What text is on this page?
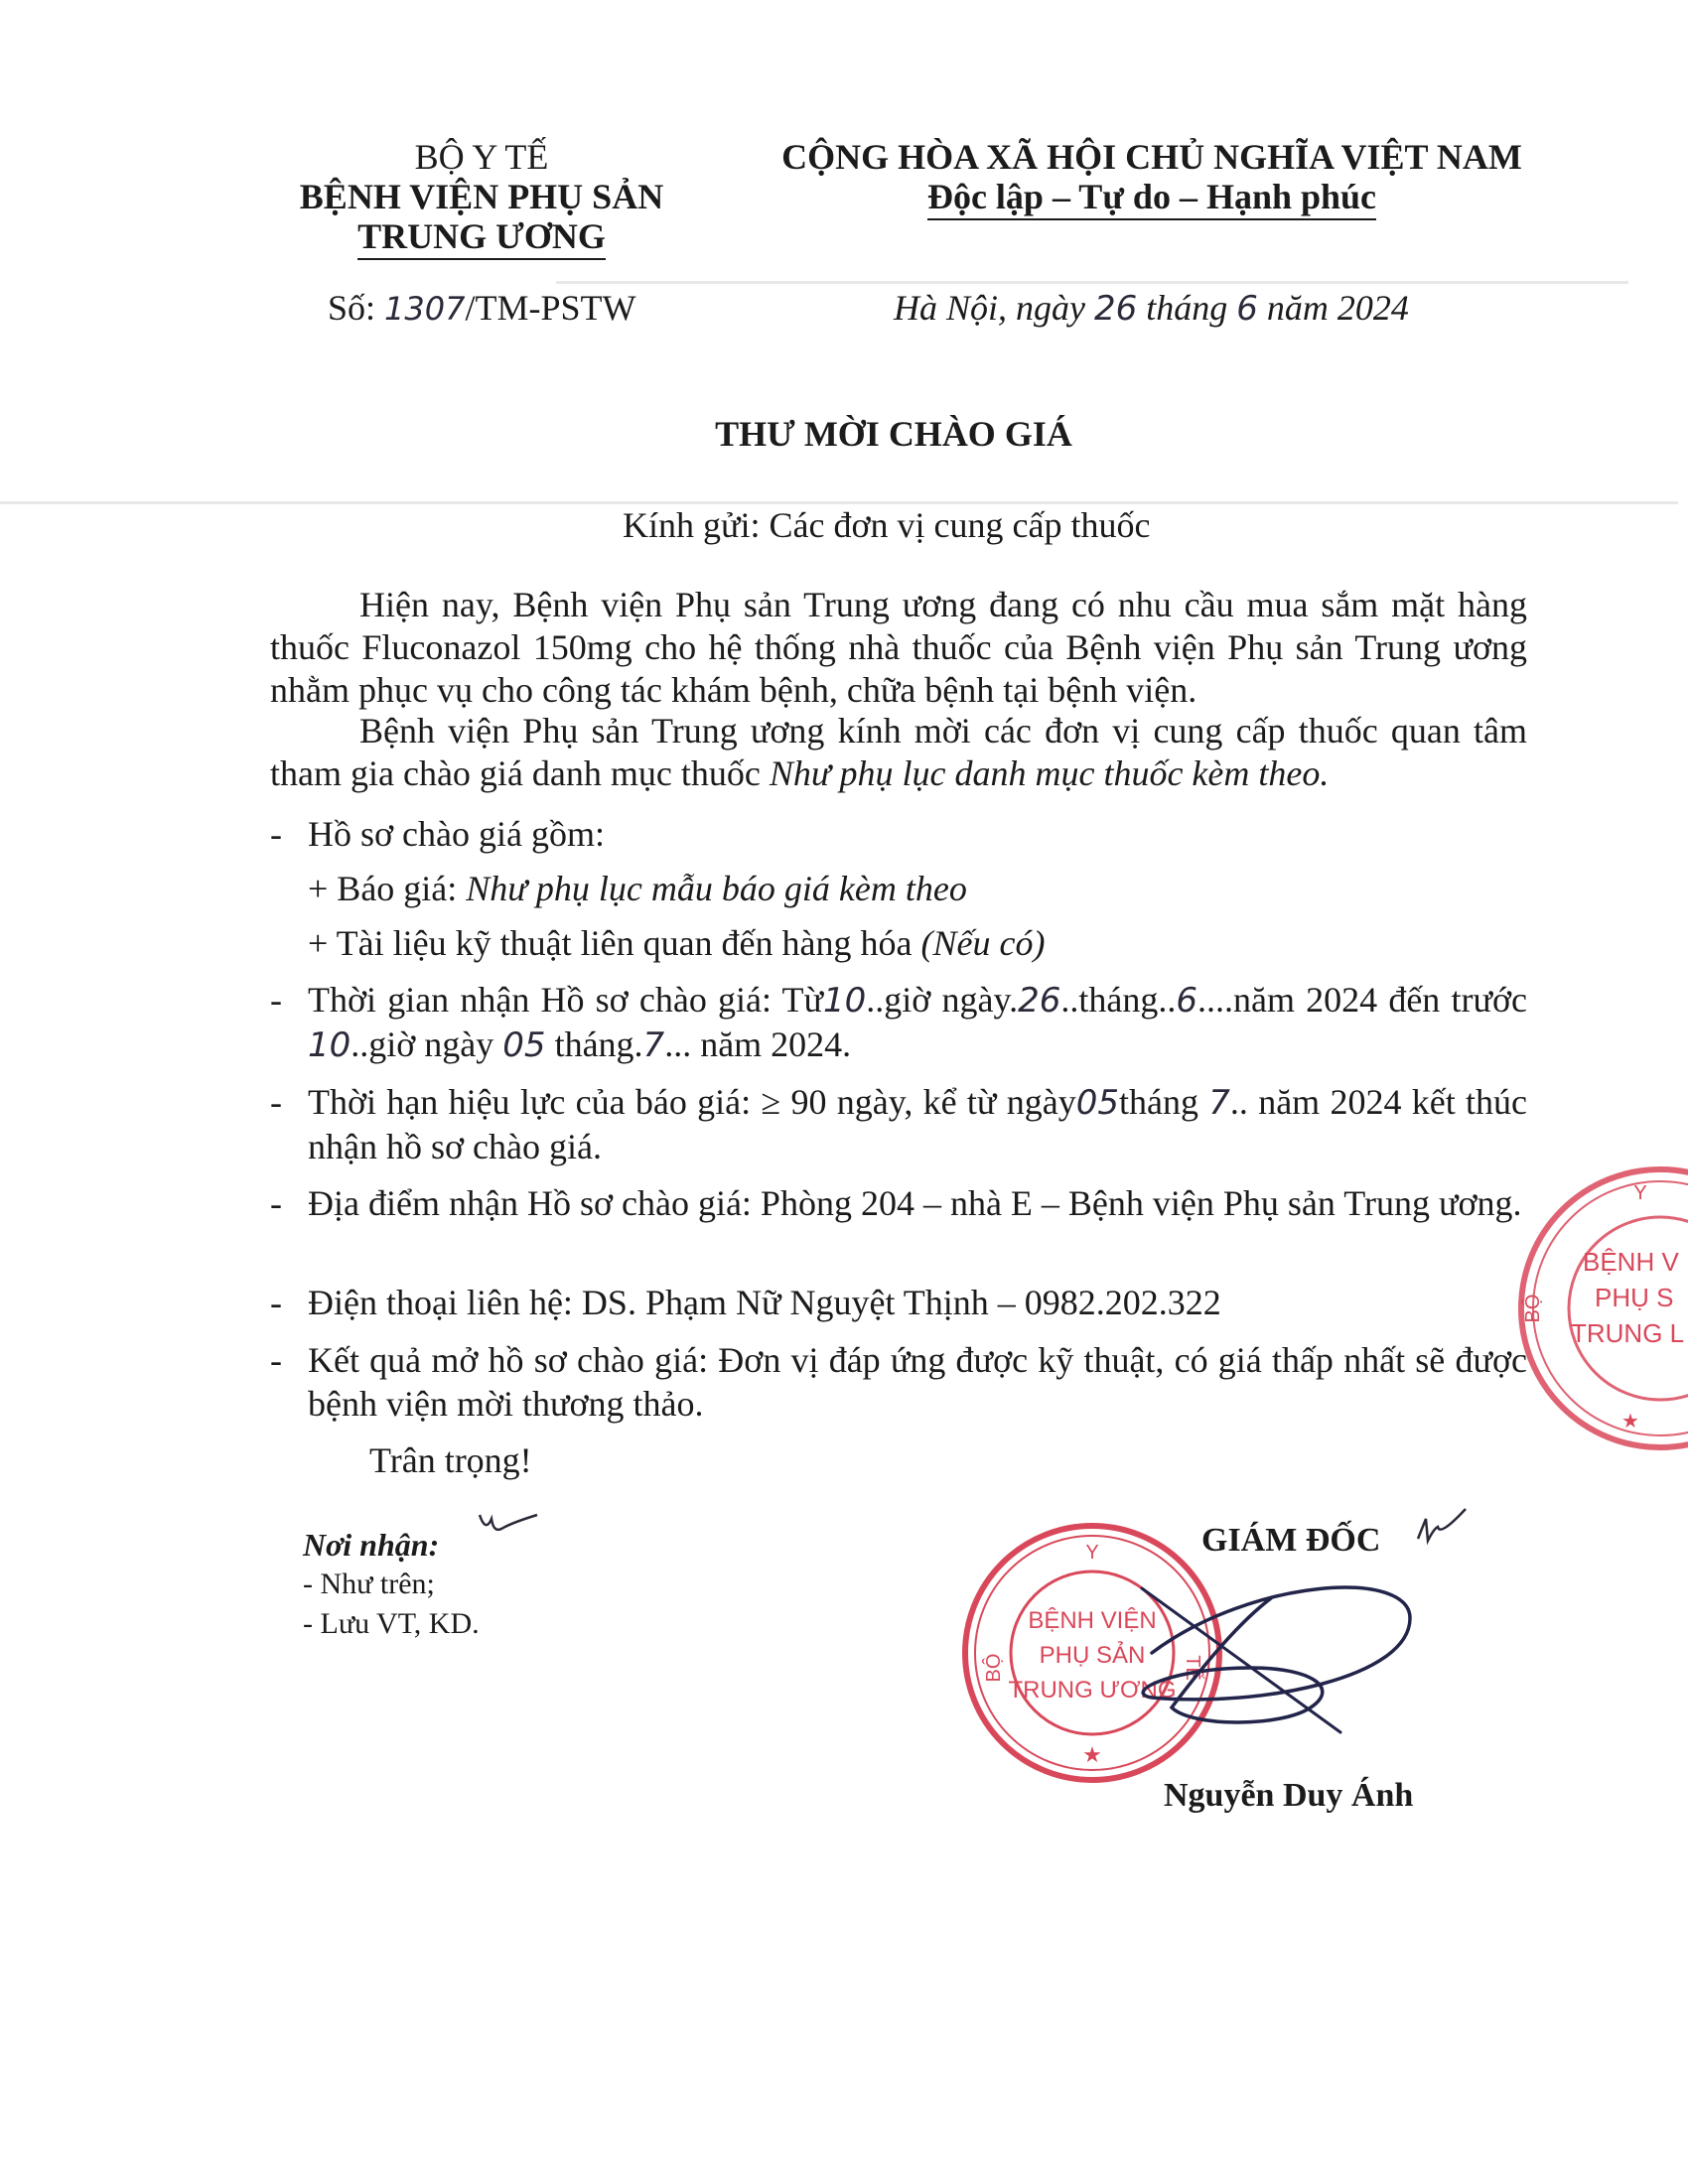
BỘ Y TẾ
BỆNH VIỆN PHỤ SẢN
TRUNG ƯƠNG
Số: 1307/TM-PSTW
CỘNG HÒA XÃ HỘI CHỦ NGHĨA VIỆT NAM
Độc lập – Tự do – Hạnh phúc
Hà Nội, ngày 26 tháng 6 năm 2024
THƯ MỜI CHÀO GIÁ
Kính gửi: Các đơn vị cung cấp thuốc
Hiện nay, Bệnh viện Phụ sản Trung ương đang có nhu cầu mua sắm mặt hàng thuốc Fluconazol 150mg cho hệ thống nhà thuốc của Bệnh viện Phụ sản Trung ương nhằm phục vụ cho công tác khám bệnh, chữa bệnh tại bệnh viện.
Bệnh viện Phụ sản Trung ương kính mời các đơn vị cung cấp thuốc quan tâm tham gia chào giá danh mục thuốc Như phụ lục danh mục thuốc kèm theo.
- Hồ sơ chào giá gồm:
+ Báo giá: Như phụ lục mẫu báo giá kèm theo
+ Tài liệu kỹ thuật liên quan đến hàng hóa (Nếu có)
- Thời gian nhận Hồ sơ chào giá: Từ10..giờ ngày.26..tháng..6....năm 2024 đến trước 10..giờ ngày 05 tháng.7... năm 2024.
- Thời hạn hiệu lực của báo giá: ≥ 90 ngày, kể từ ngày05tháng 7.. năm 2024 kết thúc nhận hồ sơ chào giá.
- Địa điểm nhận Hồ sơ chào giá: Phòng 204 – nhà E – Bệnh viện Phụ sản Trung ương.
- Điện thoại liên hệ: DS. Phạm Nữ Nguyệt Thịnh – 0982.202.322
- Kết quả mở hồ sơ chào giá: Đơn vị đáp ứng được kỹ thuật, có giá thấp nhất sẽ được bệnh viện mời thương thảo.
Trân trọng!
Nơi nhận:
- Như trên;
- Lưu VT, KD.
GIÁM ĐỐC
Y
BỘ	TẾ
BỆNH VIỆN
PHỤ SẢN
TRUNG ƯƠNG
★
Nguyễn Duy Ánh
Y
BỘ
BỆNH V
PHỤ S
TRUNG L
★
